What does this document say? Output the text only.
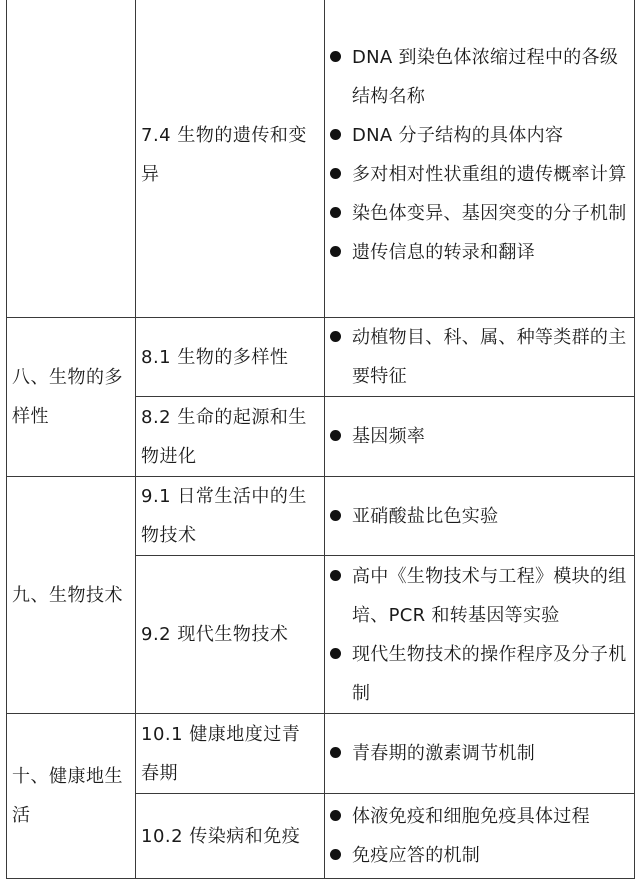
	7.4 生物的遗传和变异	DNA 到染色体浓缩过程中的各级结构名称
DNA 分子结构的具体内容
多对相对性状重组的遗传概率计算
染色体变异、基因突变的分子机制
遗传信息的转录和翻译

八、生物的多样性	8.1 生物的多样性	动植物目、科、属、种等类群的主要特征

	8.2 生命的起源和生物进化	基因频率

九、生物技术	9.1 日常生活中的生物技术	亚硝酸盐比色实验

	9.2 现代生物技术	高中《生物技术与工程》模块的组培、PCR 和转基因等实验
现代生物技术的操作程序及分子机制

十、健康地生活	10.1 健康地度过青春期	青春期的激素调节机制

	10.2 传染病和免疫	体液免疫和细胞免疫具体过程
免疫应答的机制
